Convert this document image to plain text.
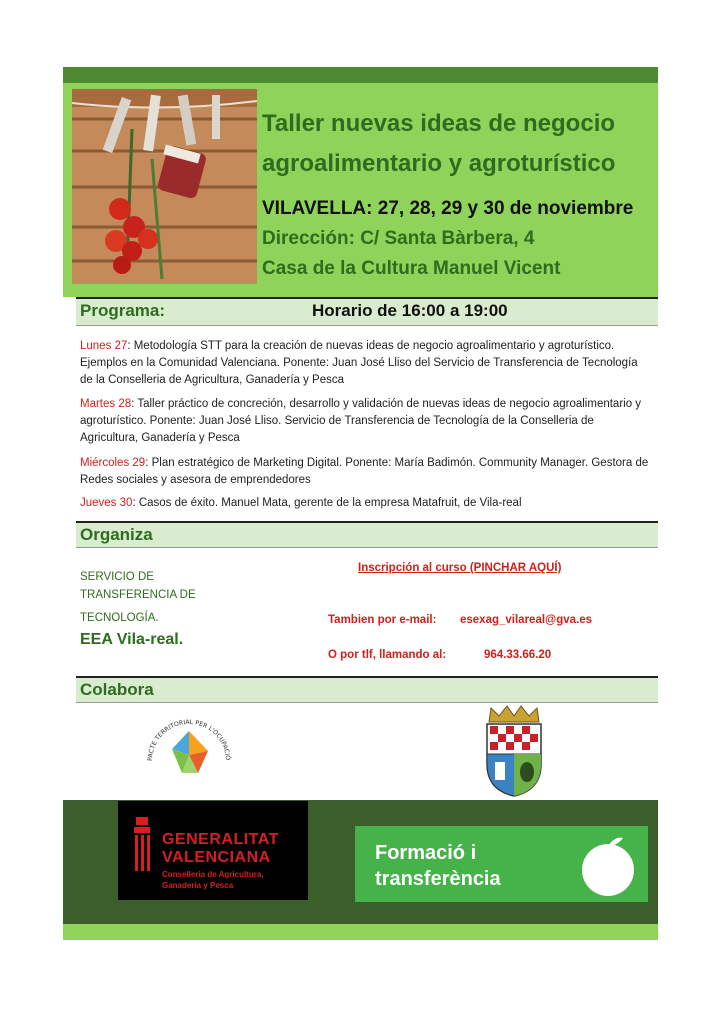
Taller nuevas ideas de negocio
agroalimentario y agroturístico
VILAVELLA: 27, 28, 29 y 30 de noviembre
Dirección: C/ Santa Bàrbera, 4
Casa de la Cultura Manuel Vicent
Programa:	Horario de 16:00 a 19:00
Lunes 27: Metodología STT para la creación de nuevas ideas de negocio agroalimentario y agroturístico. Ejemplos en la Comunidad Valenciana. Ponente: Juan José Lliso del Servicio de Transferencia de Tecnología de la Conselleria de Agricultura, Ganadería y Pesca
Martes 28: Taller práctico de concreción, desarrollo y validación de nuevas ideas de negocio agroalimentario y agroturístico. Ponente: Juan José Lliso. Servicio de Transferencia de Tecnología de la Conselleria de Agricultura, Ganadería y Pesca
Miércoles 29: Plan estratégico de Marketing Digital. Ponente: María Badimón. Community Manager. Gestora de Redes sociales y asesora de emprendedores
Jueves 30: Casos de éxito. Manuel Mata, gerente de la empresa Matafruit, de Vila-real
Organiza
SERVICIO DE
TRANSFERENCIA DE
TECNOLOGÍA.
EEA Vila-real.
Inscripción al curso (PINCHAR AQUÍ)
Tambien por e-mail: esexag_vilareal@gva.es
O por tlf, llamando al:	964.33.66.20
Colabora
PACTE TERRITORIAL PER L'OCUPACIÓ
GENERALITAT
VALENCIANA
Conselleria de Agricultura,
Ganadería y Pesca
Formació i
transferència
